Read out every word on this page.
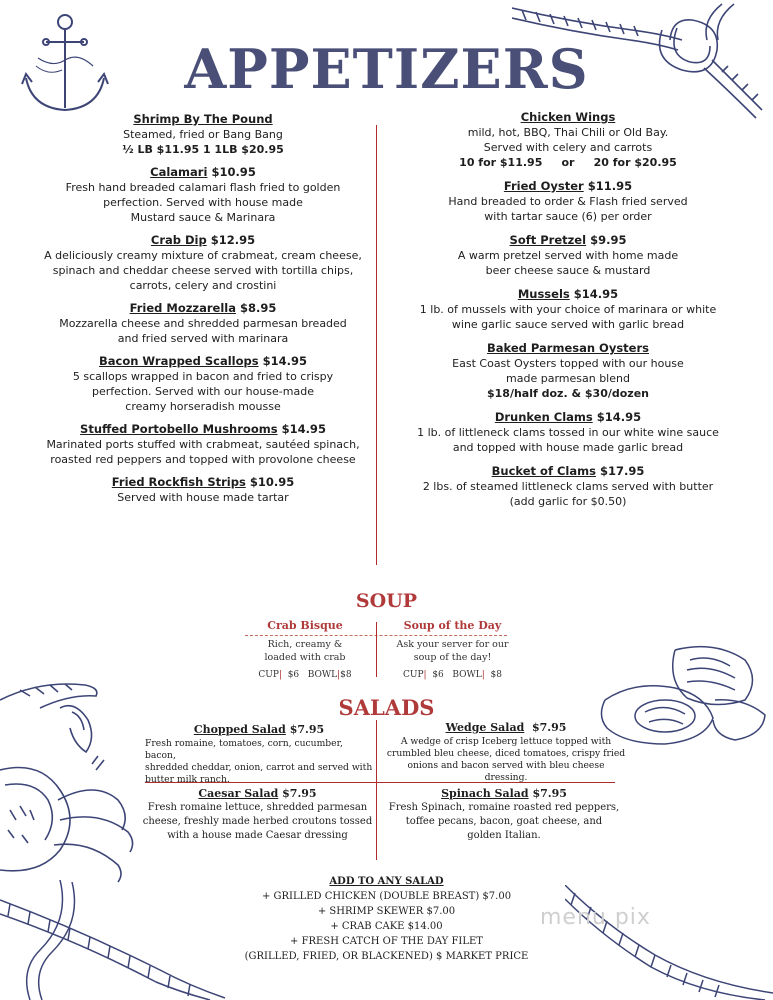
menu pix
APPETIZERS
Shrimp By The Pound
Steamed, fried or Bang Bang
½ LB $11.95 1 1LB $20.95
Calamari $10.95
Fresh hand breaded calamari flash fried to golden
perfection. Served with house made
Mustard sauce & Marinara
Crab Dip $12.95
A deliciously creamy mixture of crabmeat, cream cheese,
spinach and cheddar cheese served with tortilla chips,
carrots, celery and crostini
Fried Mozzarella $8.95
Mozzarella cheese and shredded parmesan breaded
and fried served with marinara
Bacon Wrapped Scallops $14.95
5 scallops wrapped in bacon and fried to crispy
perfection. Served with our house-made
creamy horseradish mousse
Stuffed Portobello Mushrooms $14.95
Marinated ports stuffed with crabmeat, sautéed spinach,
roasted red peppers and topped with provolone cheese
Fried Rockfish Strips $10.95
Served with house made tartar
Chicken Wings
mild, hot, BBQ, Thai Chili or Old Bay.
Served with celery and carrots
10 for $11.95     or     20 for $20.95
Fried Oyster $11.95
Hand breaded to order & Flash fried served
with tartar sauce (6) per order
Soft Pretzel $9.95
A warm pretzel served with home made
beer cheese sauce & mustard
Mussels $14.95
1 lb. of mussels with your choice of marinara or white
wine garlic sauce served with garlic bread
Baked Parmesan Oysters
East Coast Oysters topped with our house
made parmesan blend
$18/half doz. & $30/dozen
Drunken Clams $14.95
1 lb. of littleneck clams tossed in our white wine sauce
and topped with house made garlic bread
Bucket of Clams $17.95
2 lbs. of steamed littleneck clams served with butter
(add garlic for $0.50)
SOUP
Crab Bisque
Rich, creamy &
loaded with crab
CUP| $6 BOWL|$8
Soup of the Day
Ask your server for our
soup of the day!
CUP| $6 BOWL| $8
SALADS
Chopped Salad $7.95
Fresh romaine, tomatoes, corn, cucumber, bacon,
shredded cheddar, onion, carrot and served with
butter milk ranch.
Wedge Salad $7.95
A wedge of crisp Iceberg lettuce topped with
crumbled bleu cheese, diced tomatoes, crispy fried
onions and bacon served with bleu cheese dressing.
Caesar Salad $7.95
Fresh romaine lettuce, shredded parmesan
cheese, freshly made herbed croutons tossed
with a house made Caesar dressing
Spinach Salad $7.95
Fresh Spinach, romaine roasted red peppers,
toffee pecans, bacon, goat cheese, and
golden Italian.
ADD TO ANY SALAD
+ GRILLED CHICKEN (DOUBLE BREAST) $7.00
+ SHRIMP SKEWER $7.00
+ CRAB CAKE $14.00
+ FRESH CATCH OF THE DAY FILET
(GRILLED, FRIED, OR BLACKENED) $ MARKET PRICE
